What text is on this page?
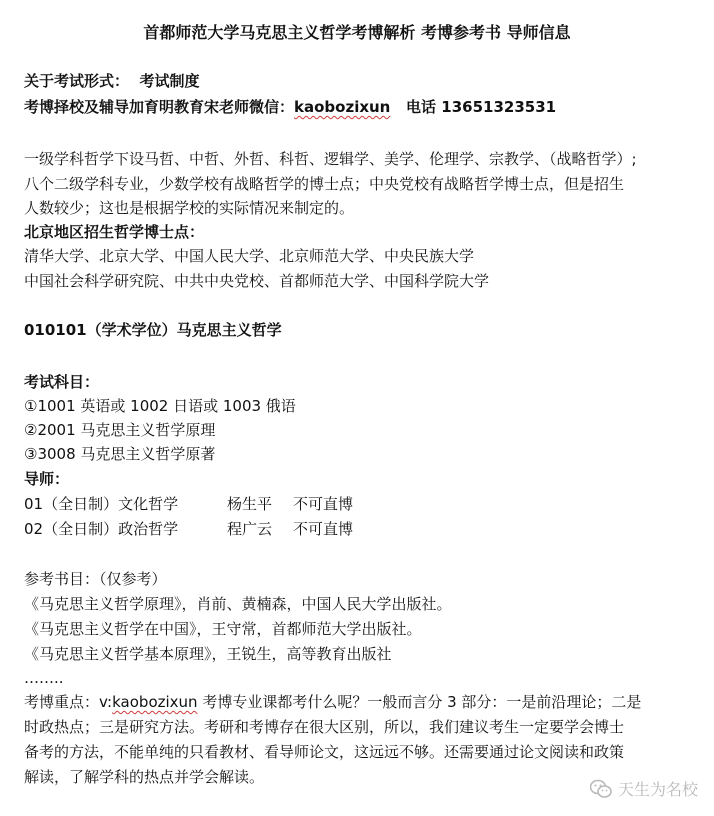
首都师范大学马克思主义哲学考博解析 考博参考书 导师信息
关于考试形式： 考试制度
考博择校及辅导加育明教育宋老师微信：kaobozixun 电话 13651323531
一级学科哲学下设马哲、中哲、外哲、科哲、逻辑学、美学、伦理学、宗教学、（战略哲学）;
八个二级学科专业，少数学校有战略哲学的博士点；中央党校有战略哲学博士点，但是招生
人数较少；这也是根据学校的实际情况来制定的。
北京地区招生哲学博士点：
清华大学、北京大学、中国人民大学、北京师范大学、中央民族大学
中国社会科学研究院、中共中央党校、首都师范大学、中国科学院大学
010101（学术学位）马克思主义哲学
考试科目：
①1001 英语或 1002 日语或 1003 俄语
②2001 马克思主义哲学原理
③3008 马克思主义哲学原著
导师：
01（全日制）文化哲学	杨生平 不可直博
02（全日制）政治哲学	程广云 不可直博
参考书目：（仅参考）
《马克思主义哲学原理》，肖前、黄楠森，中国人民大学出版社。
《马克思主义哲学在中国》，王守常，首都师范大学出版社。
《马克思主义哲学基本原理》，王锐生，高等教育出版社
……..
考博重点：v:kaobozixun 考博专业课都考什么呢？一般而言分 3 部分：一是前沿理论；二是
时政热点；三是研究方法。考研和考博存在很大区别，所以，我们建议考生一定要学会博士
备考的方法，不能单纯的只看教材、看导师论文，这远远不够。还需要通过论文阅读和政策
解读，了解学科的热点并学会解读。
天生为名校
